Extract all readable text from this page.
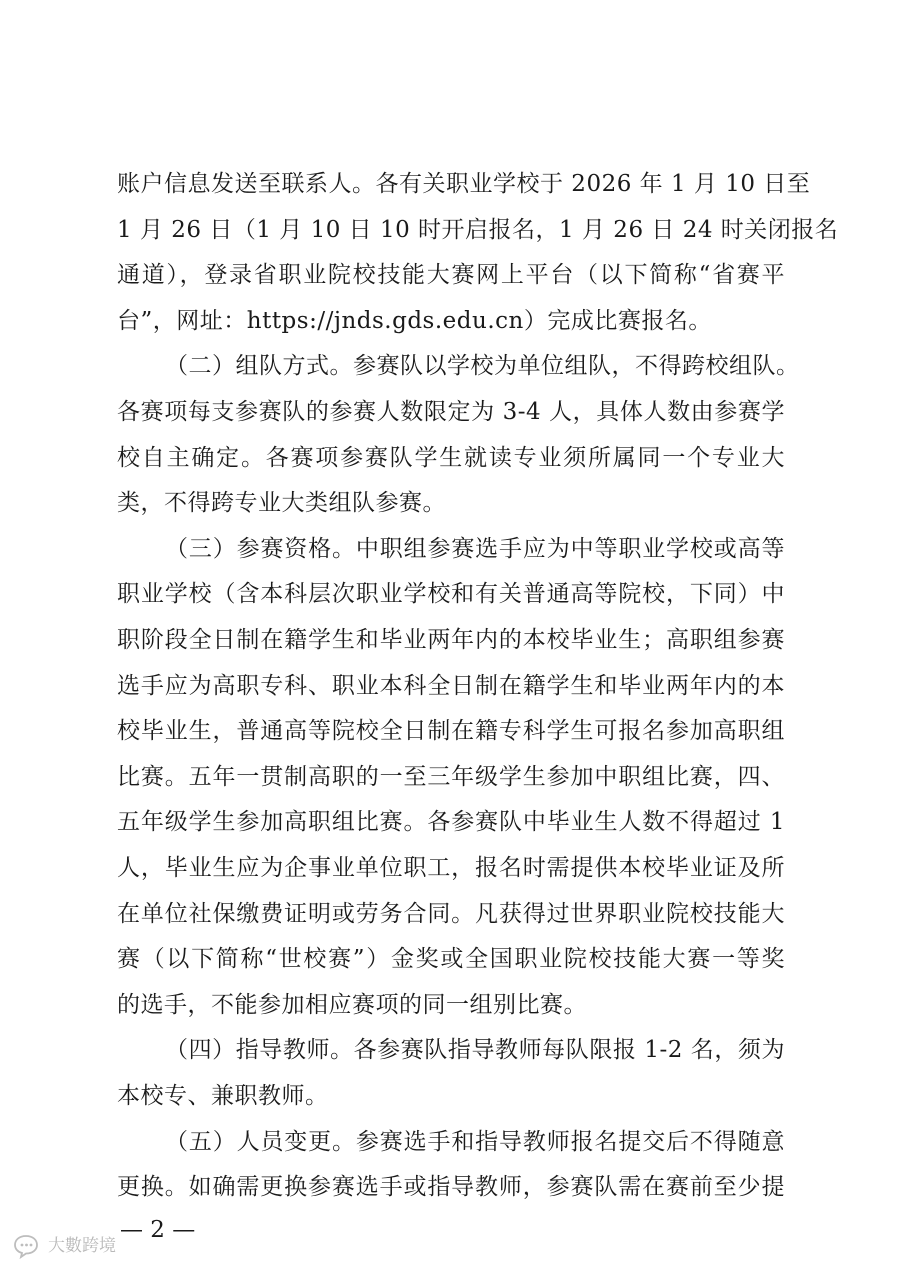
账户信息发送至联系人。各有关职业学校于 2026 年 1 月 10 日至
1 月 26 日（1 月 10 日 10 时开启报名，1 月 26 日 24 时关闭报名
通道），登录省职业院校技能大赛网上平台（以下简称“省赛平
台”，网址：https://jnds.gds.edu.cn）完成比赛报名。
（二）组队方式。参赛队以学校为单位组队，不得跨校组队。
各赛项每支参赛队的参赛人数限定为 3-4 人，具体人数由参赛学
校自主确定。各赛项参赛队学生就读专业须所属同一个专业大
类，不得跨专业大类组队参赛。
（三）参赛资格。中职组参赛选手应为中等职业学校或高等
职业学校（含本科层次职业学校和有关普通高等院校，下同）中
职阶段全日制在籍学生和毕业两年内的本校毕业生；高职组参赛
选手应为高职专科、职业本科全日制在籍学生和毕业两年内的本
校毕业生，普通高等院校全日制在籍专科学生可报名参加高职组
比赛。五年一贯制高职的一至三年级学生参加中职组比赛，四、
五年级学生参加高职组比赛。各参赛队中毕业生人数不得超过 1
人，毕业生应为企事业单位职工，报名时需提供本校毕业证及所
在单位社保缴费证明或劳务合同。凡获得过世界职业院校技能大
赛（以下简称“世校赛”）金奖或全国职业院校技能大赛一等奖
的选手，不能参加相应赛项的同一组别比赛。
（四）指导教师。各参赛队指导教师每队限报 1-2 名，须为
本校专、兼职教师。
（五）人员变更。参赛选手和指导教师报名提交后不得随意
更换。如确需更换参赛选手或指导教师，参赛队需在赛前至少提
— 2 —
大數跨境
